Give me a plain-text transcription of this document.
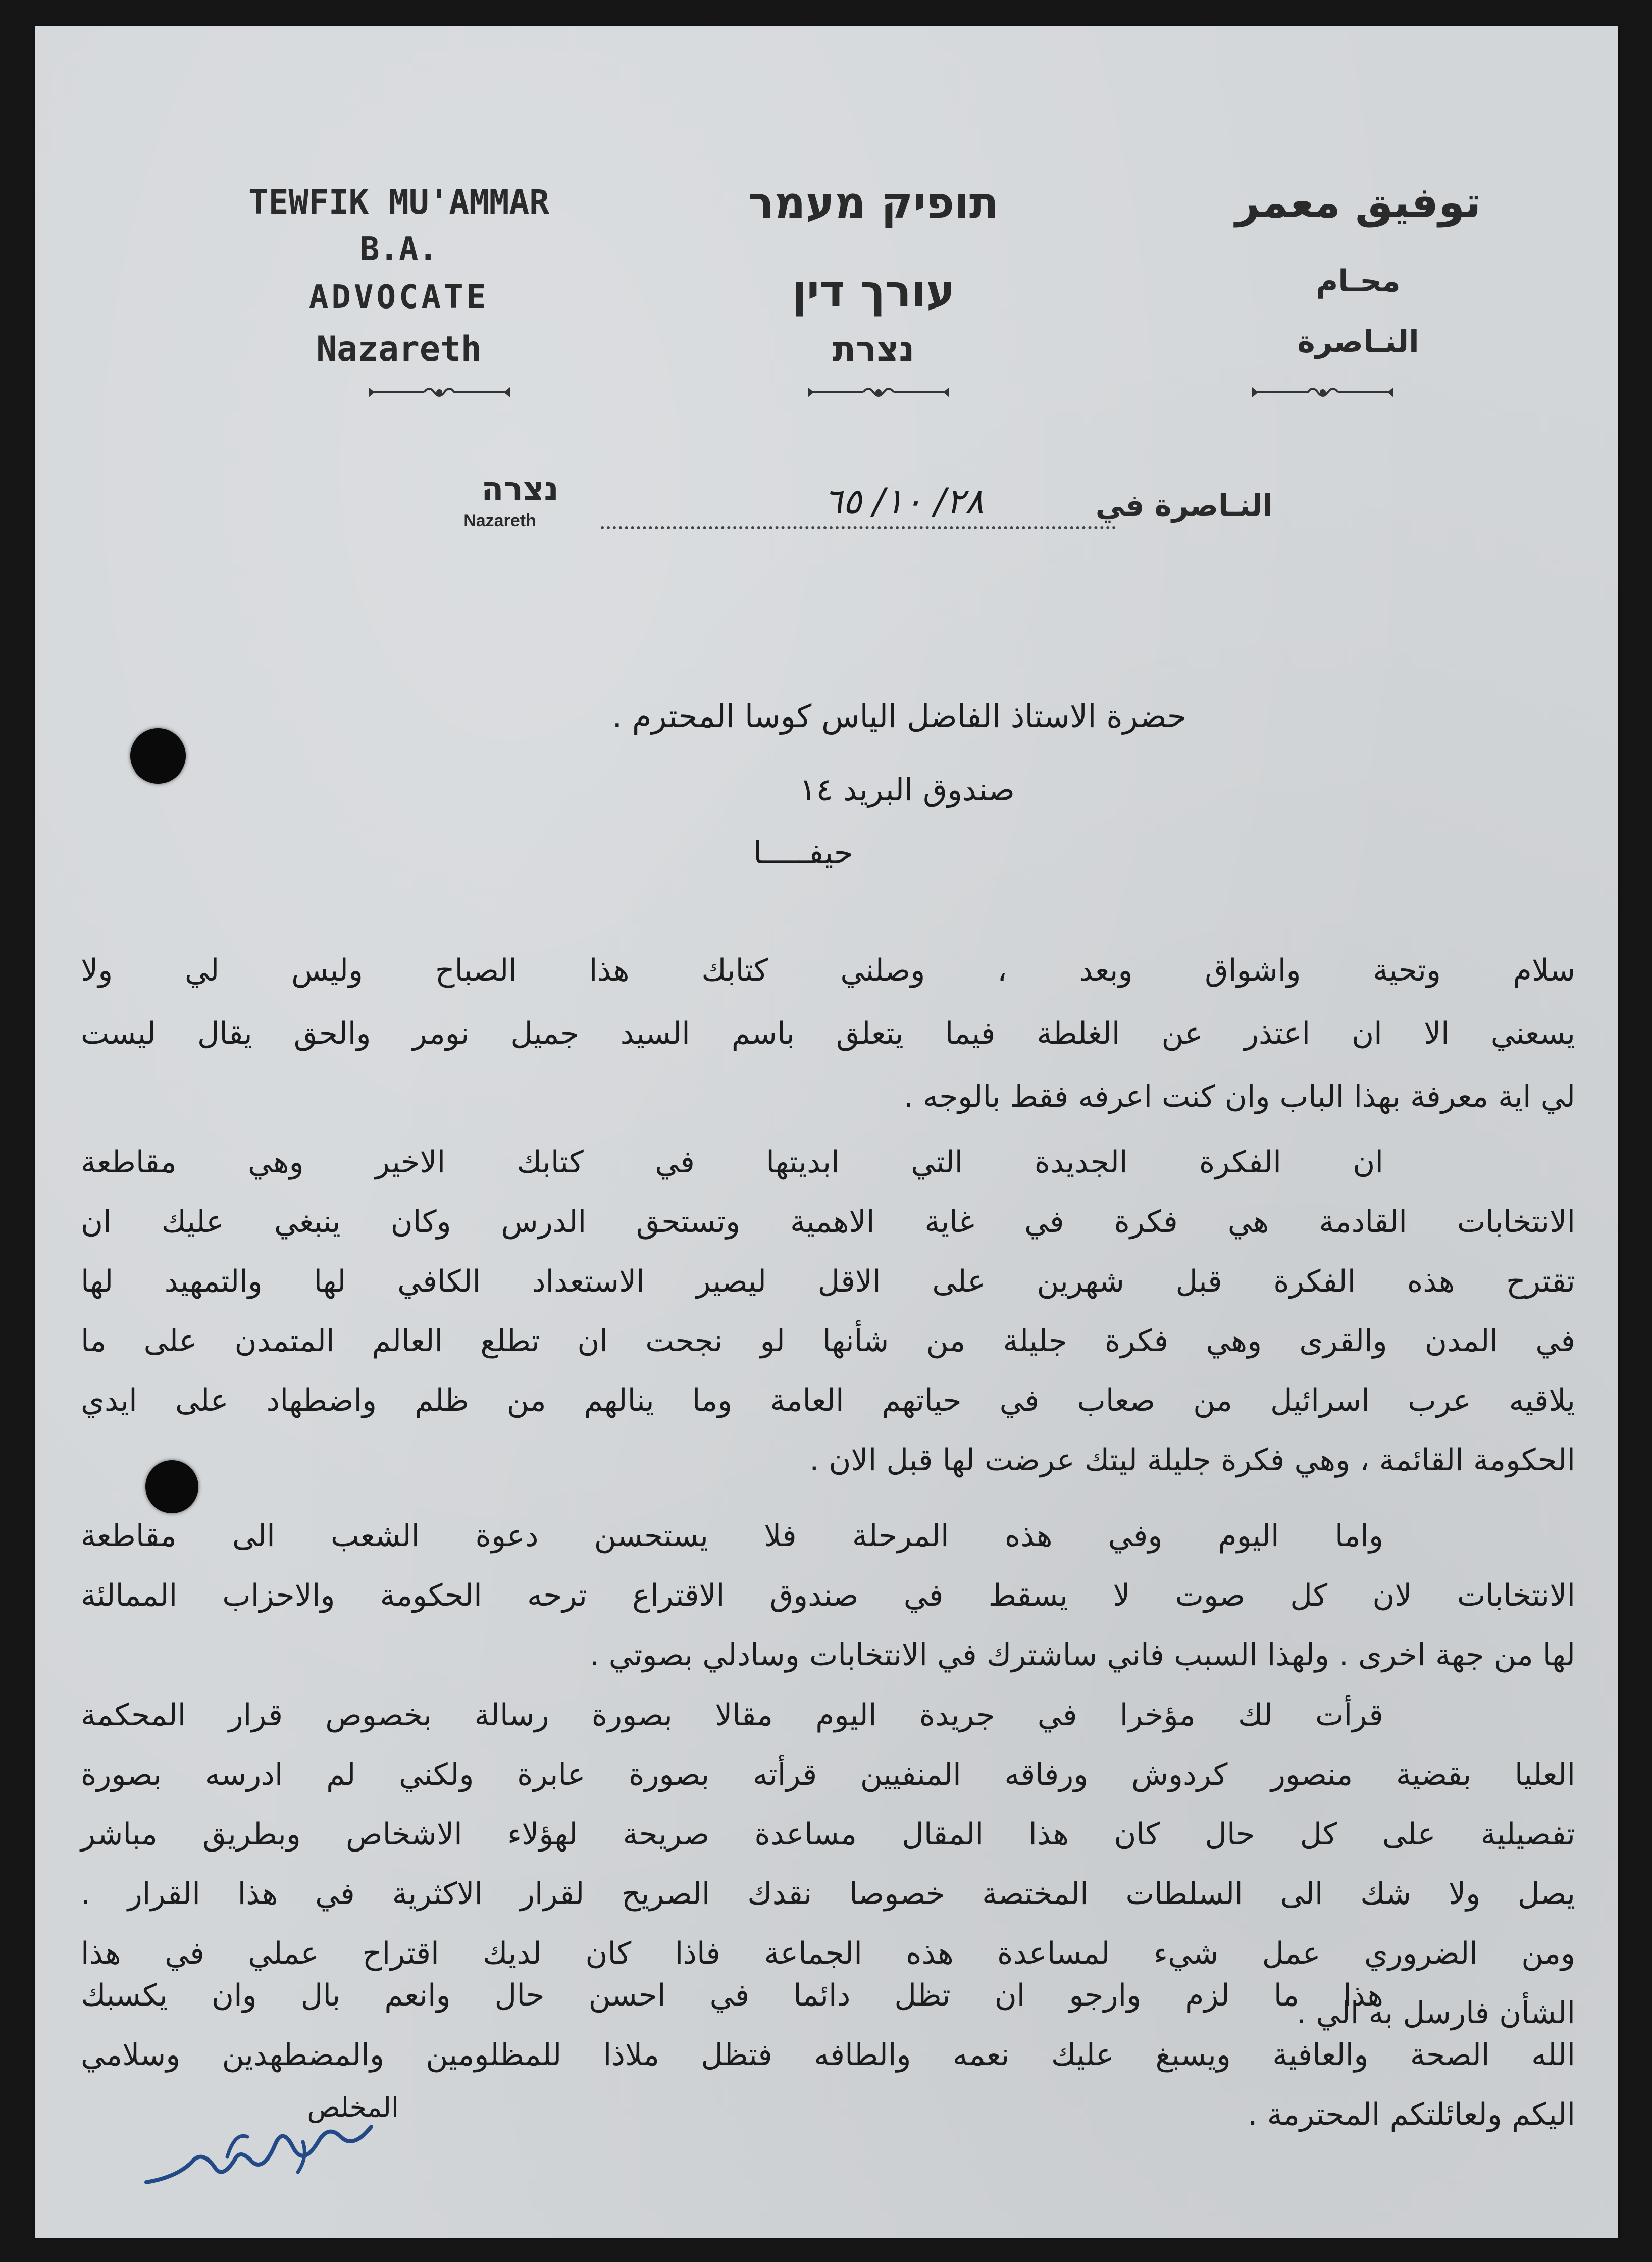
TEWFIK MU'AMMAR
B.A.
ADVOCATE
Nazareth
תופיק מעמר
עורך דין
נצרת
توفيق معمر
محـام
النـاصرة
נצרה
Nazareth	٢٨/ ١٠/ ٦٥	النـاصرة في
حضرة الاستاذ الفاضل الياس كوسا المحترم .
صندوق البريد ١٤
حيفـــــا
سلام وتحية واشواق وبعد ، وصلني كتابك هذا الصباح وليس لي ولا
يسعني الا ان اعتذر عن الغلطة فيما يتعلق باسم السيد جميل نومر والحق يقال ليست
لي اية معرفة بهذا الباب وان كنت اعرفه فقط بالوجه .
ان الفكرة الجديدة التي ابديتها في كتابك الاخير وهي مقاطعة
الانتخابات القادمة هي فكرة في غاية الاهمية وتستحق الدرس وكان ينبغي عليك ان
تقترح هذه الفكرة قبل شهرين على الاقل ليصير الاستعداد الكافي لها والتمهيد لها
في المدن والقرى وهي فكرة جليلة من شأنها لو نجحت ان تطلع العالم المتمدن على ما
يلاقيه عرب اسرائيل من صعاب في حياتهم العامة وما ينالهم من ظلم واضطهاد على ايدي
الحكومة القائمة ، وهي فكرة جليلة ليتك عرضت لها قبل الان .
واما اليوم وفي هذه المرحلة فلا يستحسن دعوة الشعب الى مقاطعة
الانتخابات لان كل صوت لا يسقط في صندوق الاقتراع ترحه الحكومة والاحزاب الممالئة
لها من جهة اخرى . ولهذا السبب فاني ساشترك في الانتخابات وسادلي بصوتي .
قرأت لك مؤخرا في جريدة اليوم مقالا بصورة رسالة بخصوص قرار المحكمة
العليا بقضية منصور كردوش ورفاقه المنفيين قرأته بصورة عابرة ولكني لم ادرسه بصورة
تفصيلية على كل حال كان هذا المقال مساعدة صريحة لهؤلاء الاشخاص وبطريق مباشر
يصل ولا شك الى السلطات المختصة خصوصا نقدك الصريح لقرار الاكثرية في هذا القرار .
ومن الضروري عمل شيء لمساعدة هذه الجماعة فاذا كان لديك اقتراح عملي في هذا
الشأن فارسل به الي .
هذا ما لزم وارجو ان تظل دائما في احسن حال وانعم بال وان يكسبك
الله الصحة والعافية ويسبغ عليك نعمه والطافه فتظل ملاذا للمظلومين والمضطهدين وسلامي
اليكم ولعائلتكم المحترمة .
المخلص
